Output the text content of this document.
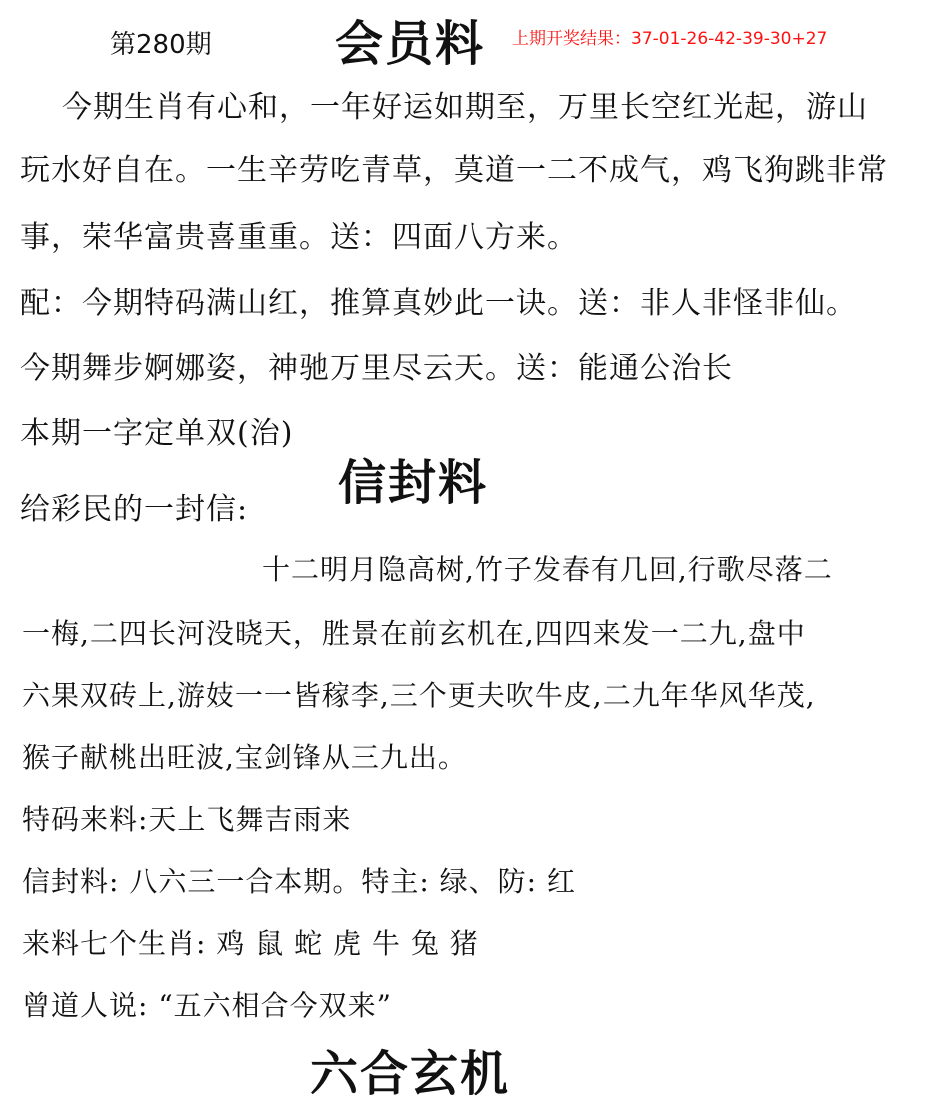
第280期	会员料 上期开奖结果：37-01-26-42-39-30+27
今期生肖有心和，一年好运如期至，万里长空红光起，游山
玩水好自在。一生辛劳吃青草，莫道一二不成气，鸡飞狗跳非常
事，荣华富贵喜重重。送：四面八方来。
配：今期特码满山红，推算真妙此一诀。送：非人非怪非仙。
今期舞步婀娜姿，神驰万里尽云天。送：能通公治长
本期一字定单双(治)
信封料
给彩民的一封信:
十二明月隐高树,竹子发春有几回,行歌尽落二
一梅,二四长河没晓天，胜景在前玄机在,四四来发一二九,盘中
六果双砖上,游妓一一皆稼李,三个更夫吹牛皮,二九年华风华茂,
猴子献桃出旺波,宝剑锋从三九出。
特码来料:天上飞舞吉雨来
信封料: 八六三一合本期。特主: 绿、防: 红
来料七个生肖: 鸡 鼠 蛇 虎 牛 兔 猪
曾道人说: “五六相合今双来”
六合玄机
